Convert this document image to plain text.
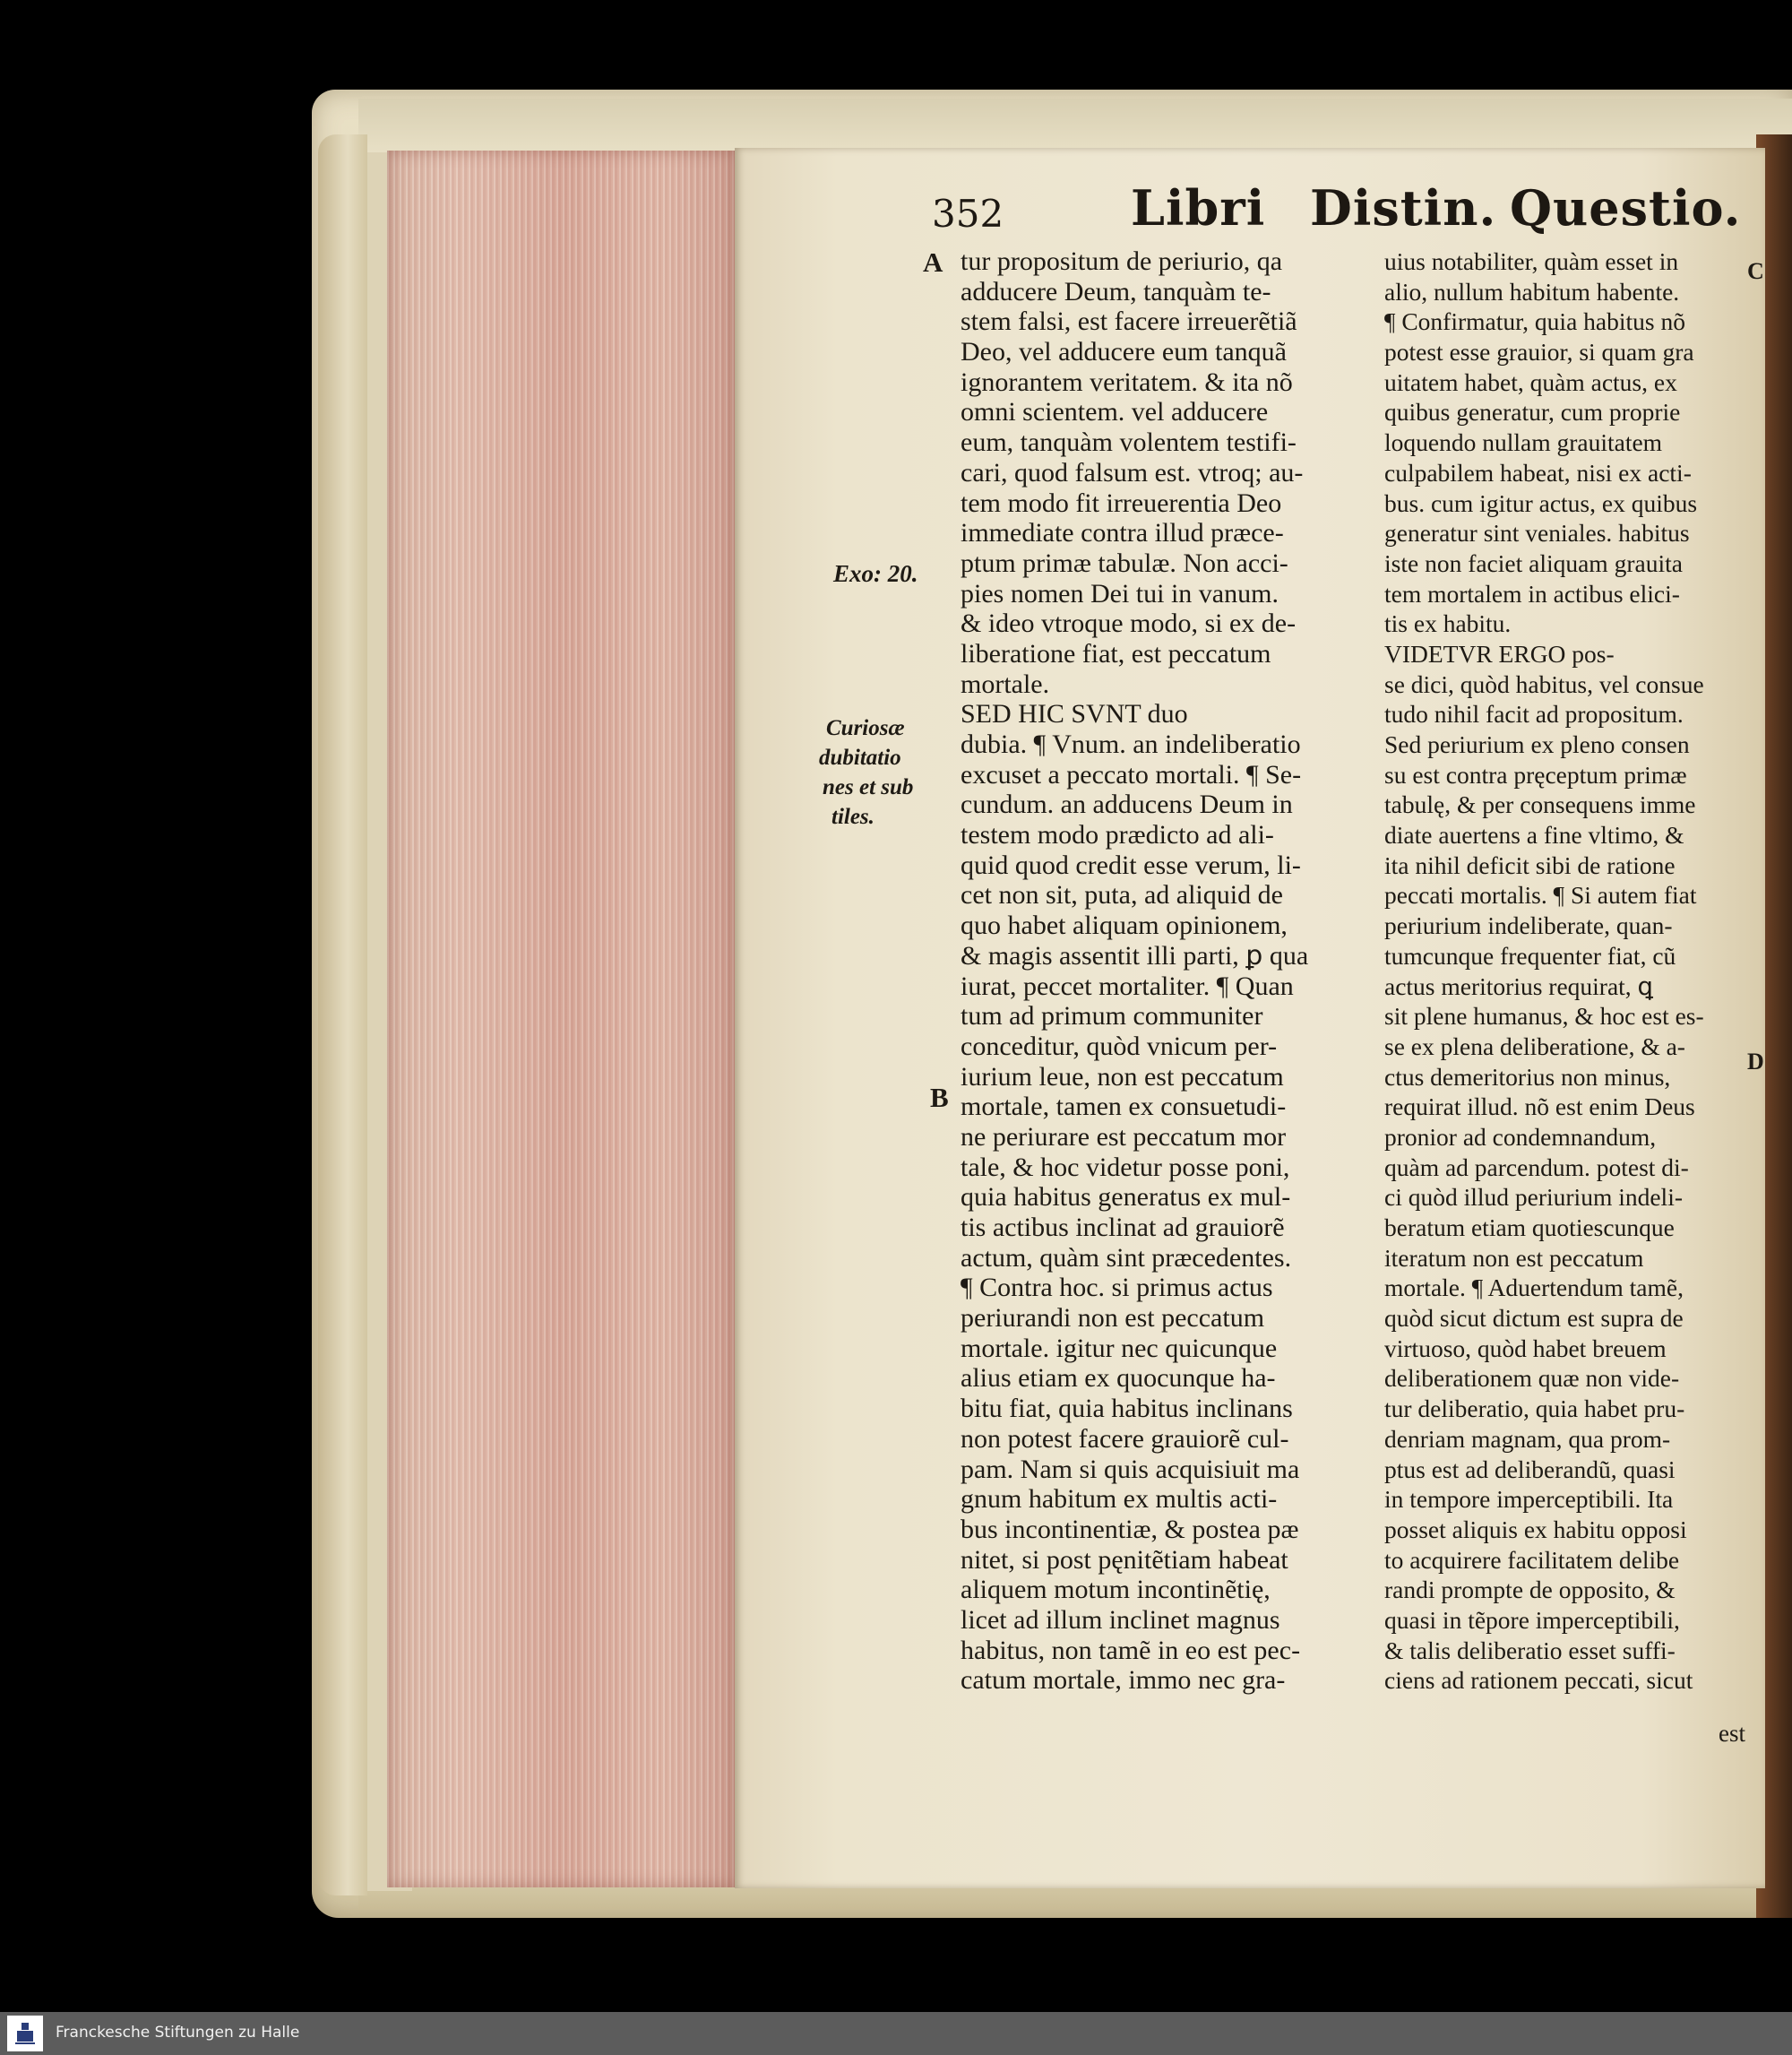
352	Libri Distin. Questio.
A
B
C
D
Exo: 20.
Curiosæ
dubitatio
nes et sub
tiles.
tur propositum de periurio, qa
adducere Deum, tanquàm te-
stem falsi, est facere irreuerẽtiã
Deo, vel adducere eum tanquã
ignorantem veritatem. & ita nõ
omni scientem. vel adducere
eum, tanquàm volentem testifi-
cari, quod falsum est. vtroq; au-
tem modo fit irreuerentia Deo
immediate contra illud præce-
ptum primæ tabulæ. Non acci-
pies nomen Dei tui in vanum.
& ideo vtroque modo, si ex de-
liberatione fiat, est peccatum
mortale.
SED HIC SVNT duo
dubia. ¶ Vnum. an indeliberatio
excuset a peccato mortali. ¶ Se-
cundum. an adducens Deum in
testem modo prædicto ad ali-
quid quod credit esse verum, li-
cet non sit, puta, ad aliquid de
quo habet aliquam opinionem,
& magis assentit illi parti, ꝑ qua
iurat, peccet mortaliter. ¶ Quan
tum ad primum communiter
conceditur, quòd vnicum per-
iurium leue, non est peccatum
mortale, tamen ex consuetudi-
ne periurare est peccatum mor
tale, & hoc videtur posse poni,
quia habitus generatus ex mul-
tis actibus inclinat ad grauiorẽ
actum, quàm sint præcedentes.
¶ Contra hoc. si primus actus
periurandi non est peccatum
mortale. igitur nec quicunque
alius etiam ex quocunque ha-
bitu fiat, quia habitus inclinans
non potest facere grauiorẽ cul-
pam. Nam si quis acquisiuit ma
gnum habitum ex multis acti-
bus incontinentiæ, & postea pæ
nitet, si post pęnitẽtiam habeat
aliquem motum incontinẽtię,
licet ad illum inclinet magnus
habitus, non tamẽ in eo est pec-
catum mortale, immo nec gra-
uius notabiliter, quàm esset in
alio, nullum habitum habente.
¶ Confirmatur, quia habitus nõ
potest esse grauior, si quam gra
uitatem habet, quàm actus, ex
quibus generatur, cum proprie
loquendo nullam grauitatem
culpabilem habeat, nisi ex acti-
bus. cum igitur actus, ex quibus
generatur sint veniales. habitus
iste non faciet aliquam grauita
tem mortalem in actibus elici-
tis ex habitu.
VIDETVR ERGO pos-
se dici, quòd habitus, vel consue
tudo nihil facit ad propositum.
Sed periurium ex pleno consen
su est contra pręceptum primæ
tabulę, & per consequens imme
diate auertens a fine vltimo, &
ita nihil deficit sibi de ratione
peccati mortalis. ¶ Si autem fiat
periurium indeliberate, quan-
tumcunque frequenter fiat, cũ
actus meritorius requirat, ꝗ
sit plene humanus, & hoc est es-
se ex plena deliberatione, & a-
ctus demeritorius non minus,
requirat illud. nõ est enim Deus
pronior ad condemnandum,
quàm ad parcendum. potest di-
ci quòd illud periurium indeli-
beratum etiam quotiescunque
iteratum non est peccatum
mortale. ¶ Aduertendum tamẽ,
quòd sicut dictum est supra de
virtuoso, quòd habet breuem
deliberationem quæ non vide-
tur deliberatio, quia habet pru-
denriam magnam, qua prom-
ptus est ad deliberandũ, quasi
in tempore imperceptibili. Ita
posset aliquis ex habitu opposi
to acquirere facilitatem delibe
randi prompte de opposito, &
quasi in tẽpore imperceptibili,
& talis deliberatio esset suffi-
ciens ad rationem peccati, sicut
est
Franckesche Stiftungen zu Halle
